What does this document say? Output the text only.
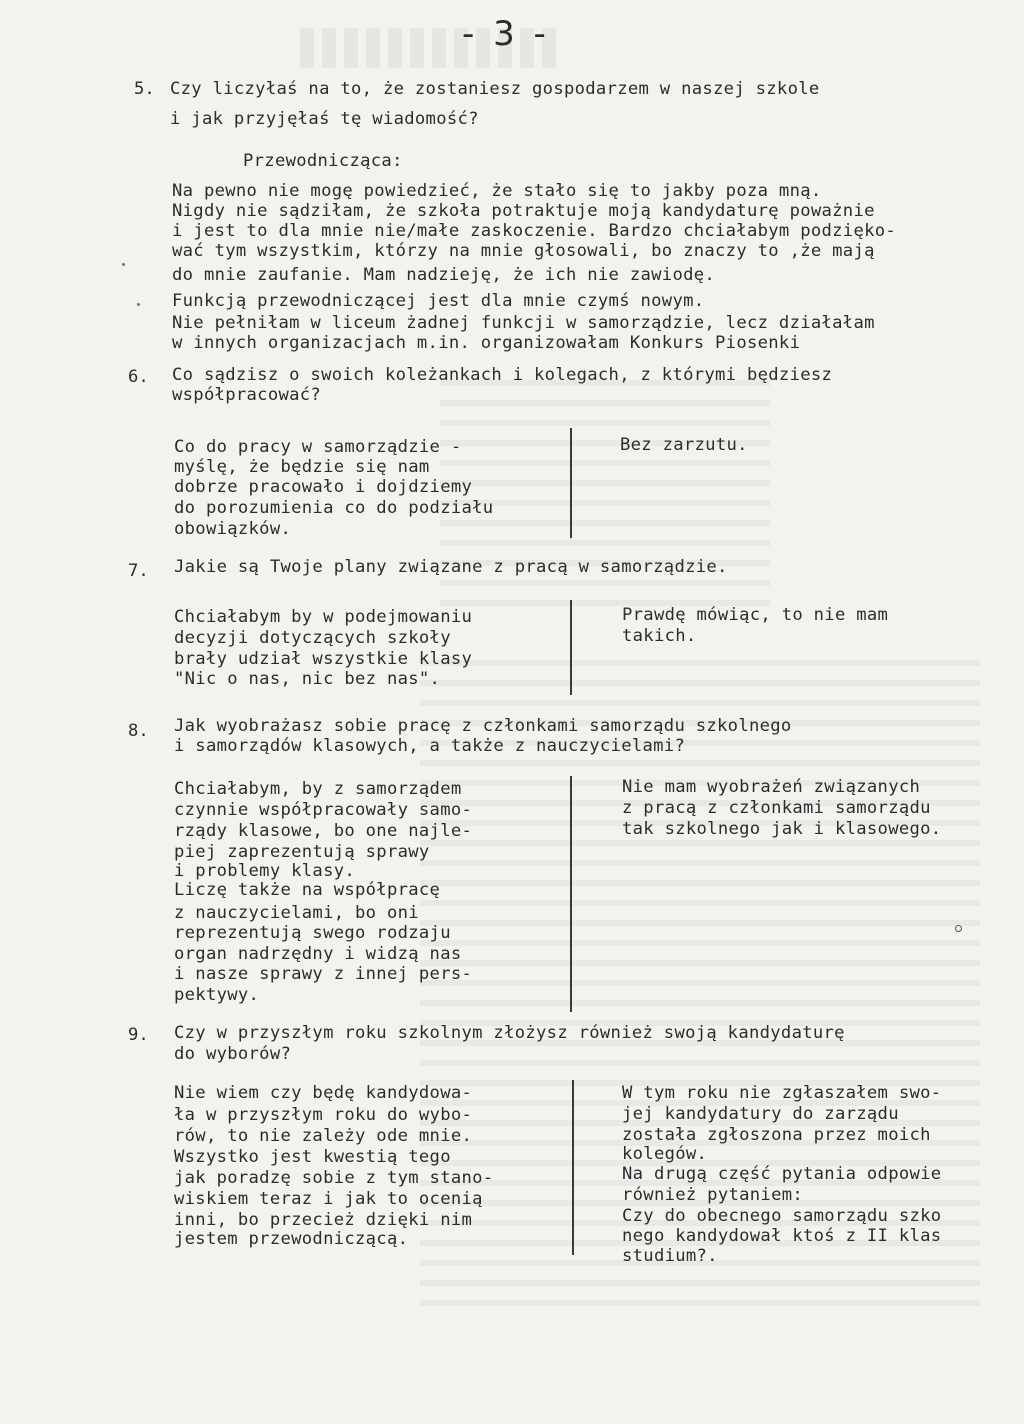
- 3 -
5. Czy liczyłaś na to, że zostaniesz gospodarzem w naszej szkole
i jak przyjęłaś tę wiadomość?
Przewodnicząca:
Na pewno nie mogę powiedzieć, że stało się to jakby poza mną.
Nigdy nie sądziłam, że szkoła potraktuje moją kandydaturę poważnie
i jest to dla mnie nie/małe zaskoczenie. Bardzo chciałabym podzięko-
wać tym wszystkim, którzy na mnie głosowali, bo znaczy to ,że mają
do mnie zaufanie. Mam nadzieję, że ich nie zawiodę.
Funkcją przewodniczącej jest dla mnie czymś nowym.
Nie pełniłam w liceum żadnej funkcji w samorządzie, lecz działałam
w innych organizacjach m.in. organizowałam Konkurs Piosenki
6. Co sądzisz o swoich koleżankach i kolegach, z którymi będziesz
współpracować?
Co do pracy w samorządzie -
myślę, że będzie się nam
dobrze pracowało i dojdziemy
do porozumienia co do podziału
obowiązków.
Bez zarzutu.
7. Jakie są Twoje plany związane z pracą w samorządzie.
Chciałabym by w podejmowaniu
decyzji dotyczących szkoły
brały udział wszystkie klasy
"Nic o nas, nic bez nas".
Prawdę mówiąc, to nie mam
takich.
8. Jak wyobrażasz sobie pracę z członkami samorządu szkolnego
i samorządów klasowych, a także z nauczycielami?
Chciałabym, by z samorządem
czynnie współpracowały samo-
rządy klasowe, bo one najle-
piej zaprezentują sprawy
i problemy klasy.
Liczę także na współpracę
z nauczycielami, bo oni
reprezentują swego rodzaju
organ nadrzędny i widzą nas
i nasze sprawy z innej pers-
pektywy.
Nie mam wyobrażeń związanych
z pracą z członkami samorządu
tak szkolnego jak i klasowego.
9. Czy w przyszłym roku szkolnym złożysz również swoją kandydaturę
do wyborów?
Nie wiem czy będę kandydowa-
ła w przyszłym roku do wybo-
rów, to nie zależy ode mnie.
Wszystko jest kwestią tego
jak poradzę sobie z tym stano-
wiskiem teraz i jak to ocenią
inni, bo przecież dzięki nim
jestem przewodniczącą.
W tym roku nie zgłaszałem swo-
jej kandydatury do zarządu
została zgłoszona przez moich
kolegów.
Na drugą część pytania odpowie
również pytaniem:
Czy do obecnego samorządu szko
nego kandydował ktoś z II klas
studium?.
